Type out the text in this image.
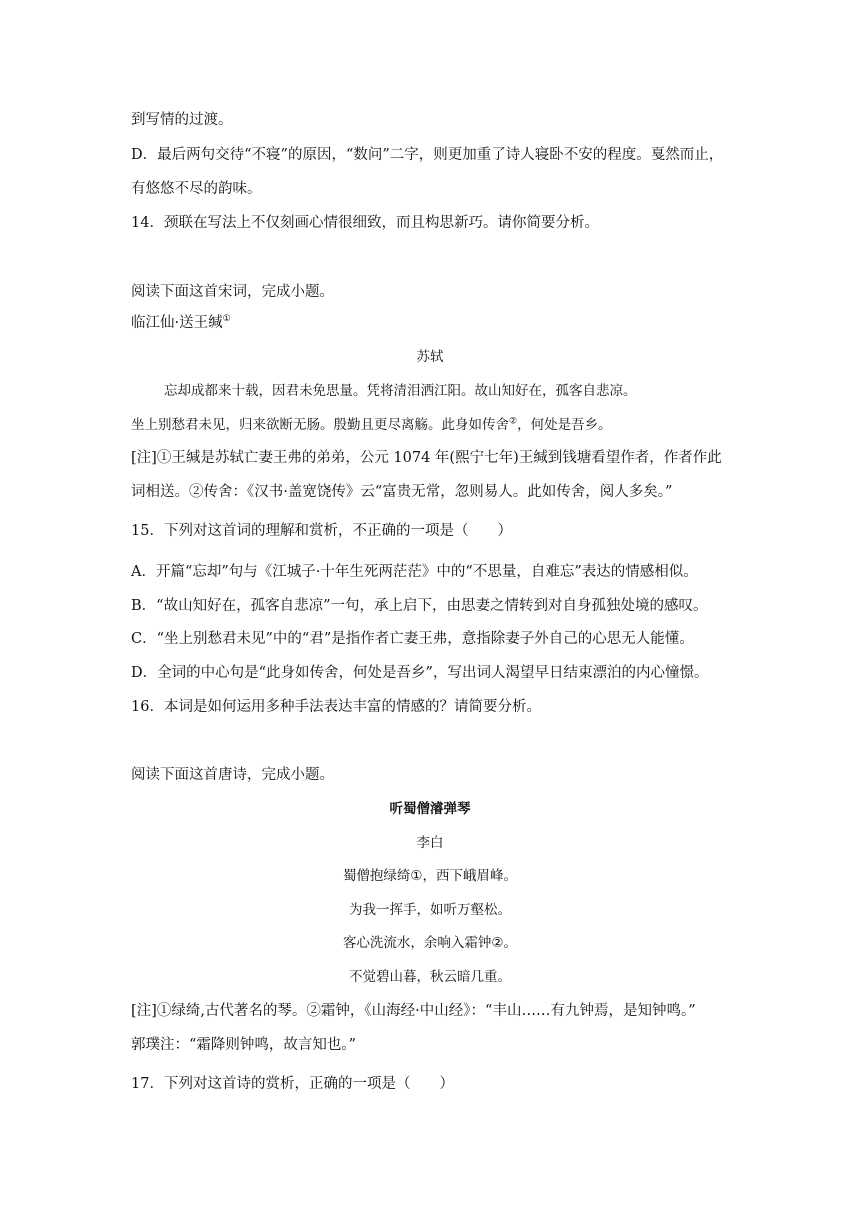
到写情的过渡。
D．最后两句交待“不寝”的原因，“数问”二字，则更加重了诗人寝卧不安的程度。戛然而止，
有悠悠不尽的韵味。
14．颈联在写法上不仅刻画心情很细致，而且构思新巧。请你简要分析。
阅读下面这首宋词，完成小题。
临江仙·送王缄①
苏轼
忘却成都来十载，因君未免思量。凭将清泪洒江阳。故山知好在，孤客自悲凉。
坐上别愁君未见，归来欲断无肠。殷勤且更尽离觞。此身如传舍②，何处是吾乡。
[注]①王缄是苏轼亡妻王弗的弟弟，公元 1074 年(熙宁七年)王缄到钱塘看望作者，作者作此
词相送。②传舍：《汉书·盖宽饶传》云“富贵无常，忽则易人。此如传舍，阅人多矣。”
15．下列对这首词的理解和赏析，不正确的一项是（　　）
A．开篇“忘却”句与《江城子·十年生死两茫茫》中的“不思量，自难忘”表达的情感相似。
B．“故山知好在，孤客自悲凉”一句，承上启下，由思妻之情转到对自身孤独处境的感叹。
C．“坐上别愁君未见”中的“君”是指作者亡妻王弗，意指除妻子外自己的心思无人能懂。
D．全词的中心句是“此身如传舍，何处是吾乡”，写出词人渴望早日结束漂泊的内心憧憬。
16．本词是如何运用多种手法表达丰富的情感的？请简要分析。
阅读下面这首唐诗，完成小题。
听蜀僧濬弹琴
李白
蜀僧抱绿绮①，西下峨眉峰。
为我一挥手，如听万壑松。
客心洗流水，余响入霜钟②。
不觉碧山暮，秋云暗几重。
[注]①绿绮,古代著名的琴。②霜钟，《山海经·中山经》：“丰山……有九钟焉，是知钟鸣。”
郭璞注：“霜降则钟鸣，故言知也。”
17．下列对这首诗的赏析，正确的一项是（　　）
